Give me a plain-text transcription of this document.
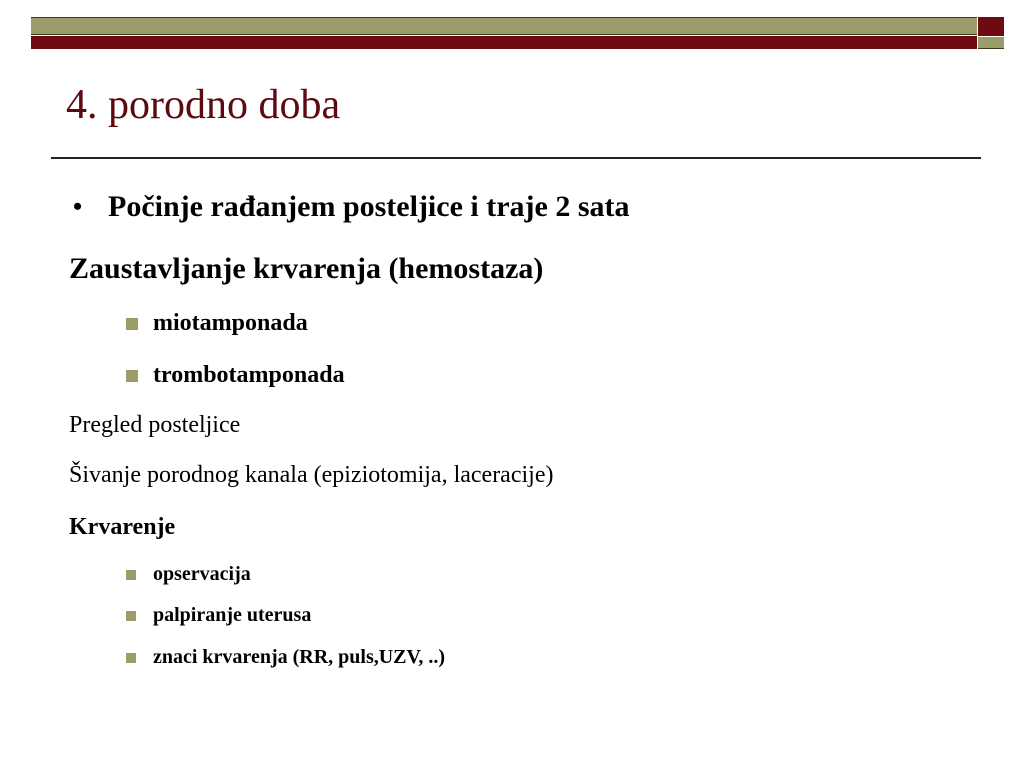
4. porodno doba
• Počinje rađanjem posteljice i traje 2 sata
Zaustavljanje krvarenja (hemostaza)
miotamponada
trombotamponada
Pregled posteljice
Šivanje porodnog kanala (epiziotomija, laceracije)
Krvarenje
opservacija
palpiranje uterusa
znaci krvarenja (RR, puls,UZV, ..)
